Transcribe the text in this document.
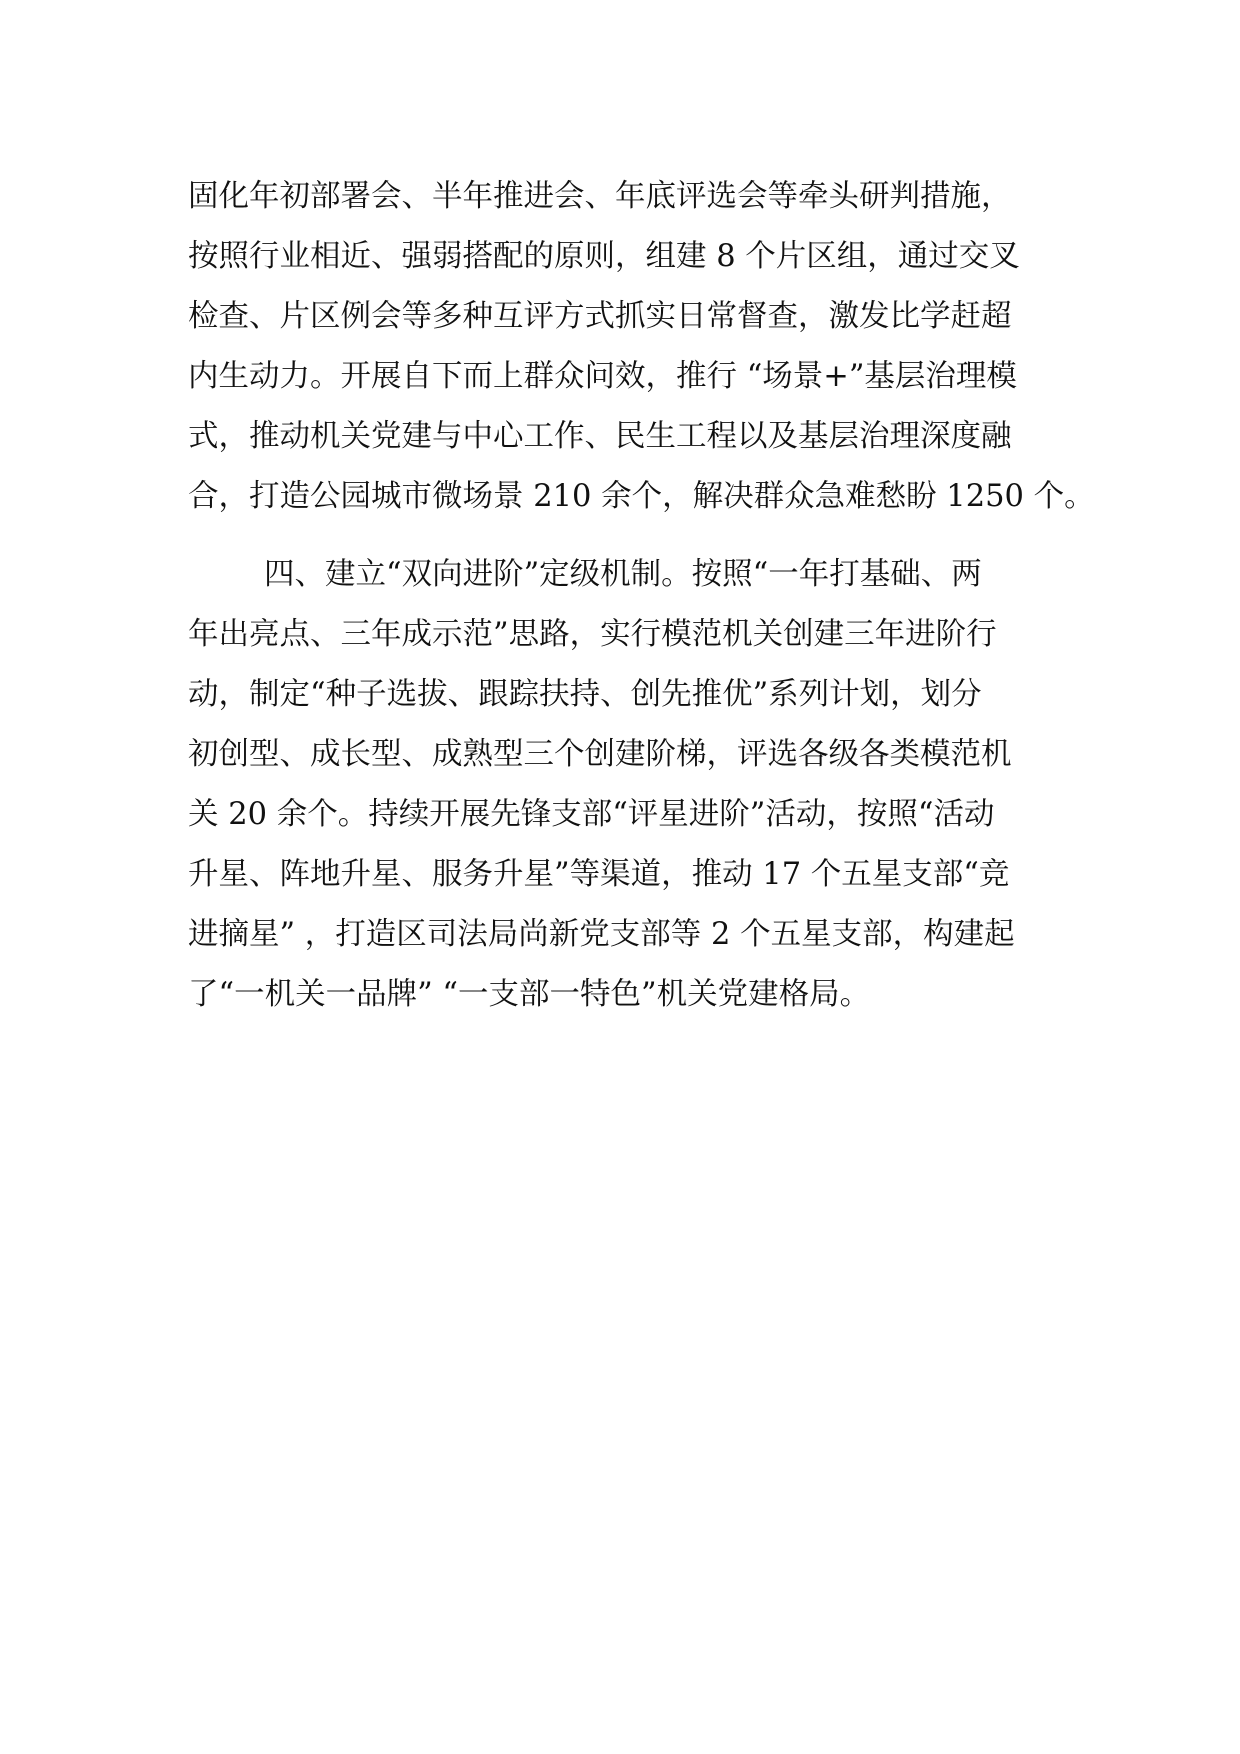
固化年初部署会、半年推进会、年底评选会等牵头研判措施，
按照行业相近、强弱搭配的原则，组建 8 个片区组，通过交叉
检查、片区例会等多种互评方式抓实日常督查，激发比学赶超
内生动力。开展自下而上群众问效，推行 “场景+”基层治理模
式，推动机关党建与中心工作、民生工程以及基层治理深度融
合，打造公园城市微场景 210 余个，解决群众急难愁盼 1250 个。
四、建立“双向进阶”定级机制。按照“一年打基础、两
年出亮点、三年成示范”思路，实行模范机关创建三年进阶行
动，制定“种子选拔、跟踪扶持、创先推优”系列计划，划分
初创型、成长型、成熟型三个创建阶梯，评选各级各类模范机
关 20 余个。持续开展先锋支部“评星进阶”活动，按照“活动
升星、阵地升星、服务升星”等渠道，推动 17 个五星支部“竞
进摘星” ，打造区司法局尚新党支部等 2 个五星支部，构建起
了“一机关一品牌” “一支部一特色”机关党建格局。
